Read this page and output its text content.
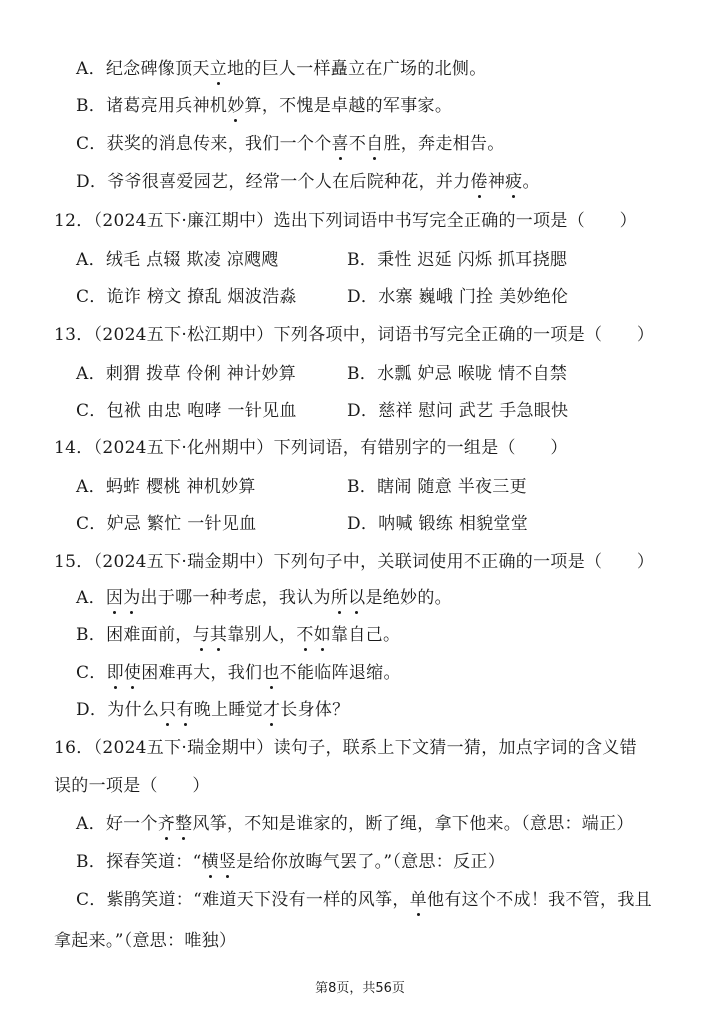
A．纪念碑像顶天立地的巨人一样矗立在广场的北侧。
B．诸葛亮用兵神机妙算，不愧是卓越的军事家。
C．获奖的消息传来，我们一个个喜不自胜，奔走相告。
D．爷爷很喜爱园艺，经常一个人在后院种花，并力倦神疲。
12．（2024五下·廉江期中）选出下列词语中书写完全正确的一项是（　　）
A．绒毛 点辍 欺凌 凉飕飕	B．秉性 迟延 闪烁 抓耳挠腮
C．诡诈 榜文 撩乱 烟波浩淼	D．水寨 巍峨 门拴 美妙绝伦
13．（2024五下·松江期中）下列各项中，词语书写完全正确的一项是（　　）
A．刺猬 拨草 伶俐 神计妙算	B．水瓢 妒忌 喉咙 情不自禁
C．包袱 由忠 咆哮 一针见血	D．慈祥 慰问 武艺 手急眼快
14．（2024五下·化州期中）下列词语，有错别字的一组是（　　）
A．蚂蚱 樱桃 神机妙算	B．瞎闹 随意 半夜三更
C．妒忌 繁忙 一针见血	D．呐喊 锻练 相貌堂堂
15．（2024五下·瑞金期中）下列句子中，关联词使用不正确的一项是（　　）
A．因为出于哪一种考虑，我认为所以是绝妙的。
B．困难面前，与其靠别人，不如靠自己。
C．即使困难再大，我们也不能临阵退缩。
D．为什么只有晚上睡觉才长身体？
16．（2024五下·瑞金期中）读句子，联系上下文猜一猜，加点字词的含义错
误的一项是（　　）
A．好一个齐整风筝，不知是谁家的，断了绳，拿下他来。（意思：端正）
B．探春笑道：“横竖是给你放晦气罢了。”（意思：反正）
C．紫鹃笑道：“难道天下没有一样的风筝，单他有这个不成！我不管，我且
拿起来。”（意思：唯独）
第8页，共56页
